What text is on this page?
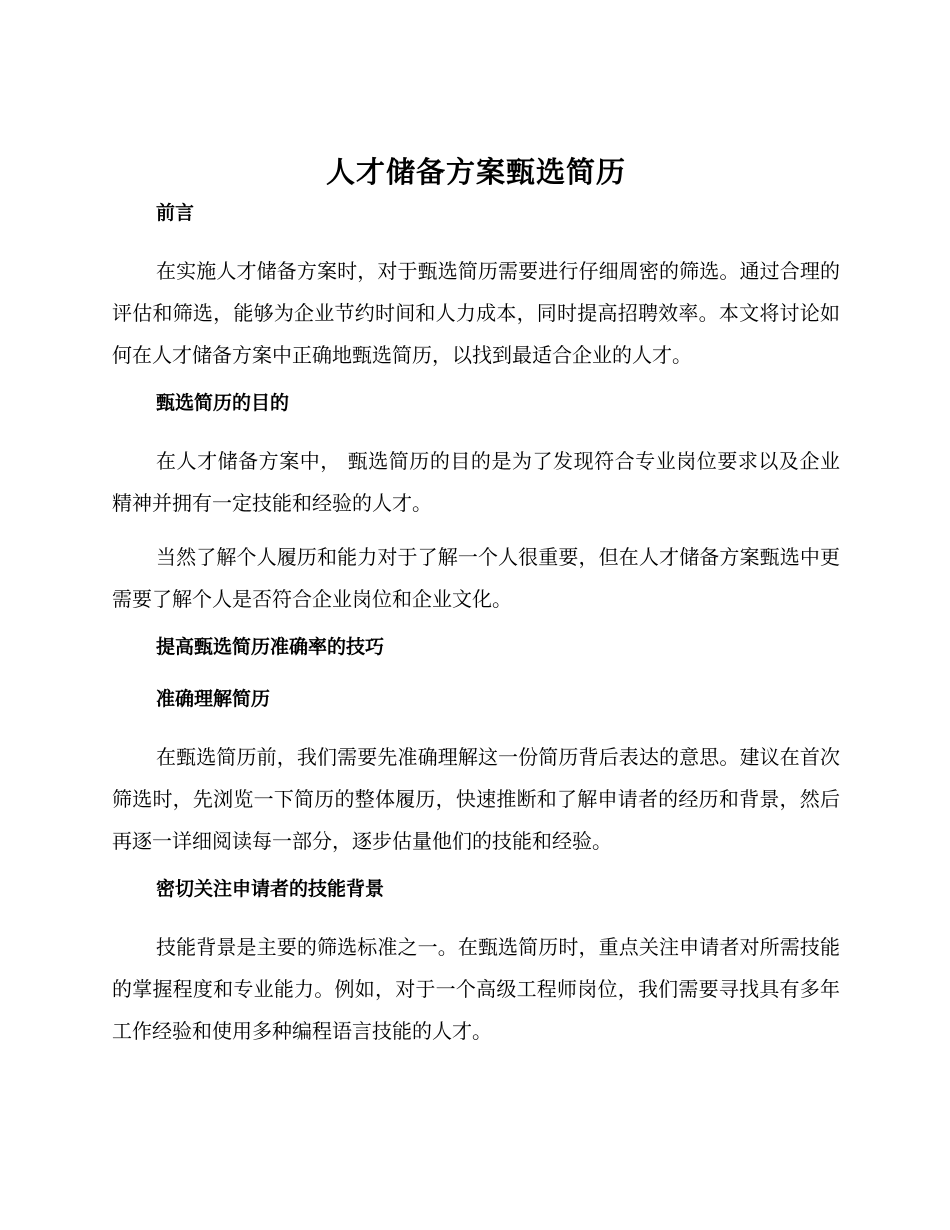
人才储备方案甄选简历
前言

在实施人才储备方案时，对于甄选简历需要进行仔细周密的筛选。通过合理的评估和筛选，能够为企业节约时间和人力成本，同时提高招聘效率。本文将讨论如何在人才储备方案中正确地甄选简历，以找到最适合企业的人才。

甄选简历的目的

在人才储备方案中， 甄选简历的目的是为了发现符合专业岗位要求以及企业精神并拥有一定技能和经验的人才。

当然了解个人履历和能力对于了解一个人很重要，但在人才储备方案甄选中更需要了解个人是否符合企业岗位和企业文化。

提高甄选简历准确率的技巧
准确理解简历

在甄选简历前，我们需要先准确理解这一份简历背后表达的意思。建议在首次筛选时，先浏览一下简历的整体履历，快速推断和了解申请者的经历和背景，然后再逐一详细阅读每一部分，逐步估量他们的技能和经验。

密切关注申请者的技能背景

技能背景是主要的筛选标准之一。在甄选简历时，重点关注申请者对所需技能的掌握程度和专业能力。例如，对于一个高级工程师岗位，我们需要寻找具有多年工作经验和使用多种编程语言技能的人才。
